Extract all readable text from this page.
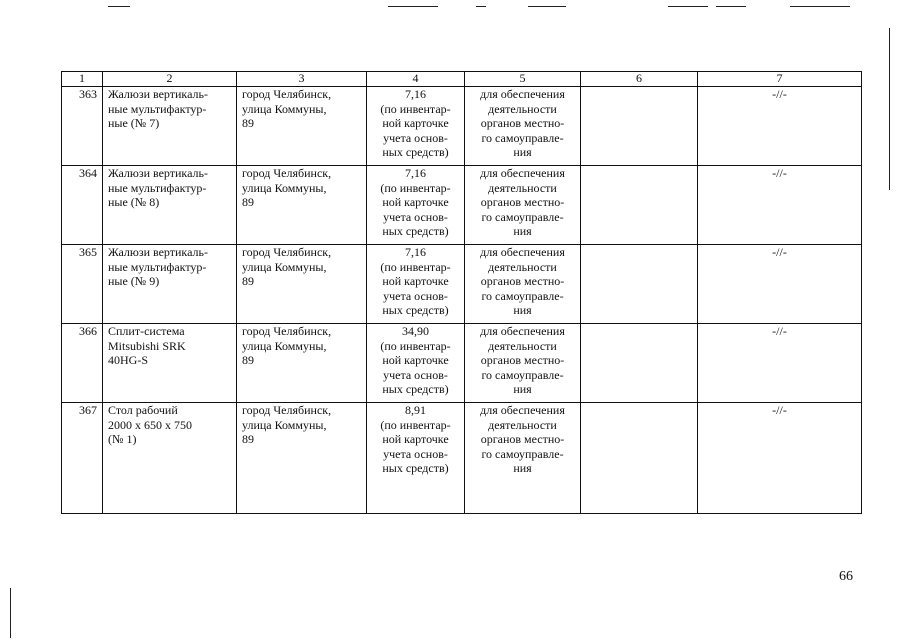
1	2	3	4	5	6	7
363	Жалюзи вертикаль-
ные мультифактур-
ные (№ 7)	город Челябинск,
улица Коммуны,
89	7,16
(по инвентар-
ной карточке
учета основ-
ных средств)	для обеспечения
деятельности
органов местно-
го самоуправле-
ния		-//-
364	Жалюзи вертикаль-
ные мультифактур-
ные (№ 8)	город Челябинск,
улица Коммуны,
89	7,16
(по инвентар-
ной карточке
учета основ-
ных средств)	для обеспечения
деятельности
органов местно-
го самоуправле-
ния		-//-
365	Жалюзи вертикаль-
ные мультифактур-
ные (№ 9)	город Челябинск,
улица Коммуны,
89	7,16
(по инвентар-
ной карточке
учета основ-
ных средств)	для обеспечения
деятельности
органов местно-
го самоуправле-
ния		-//-
366	Сплит-система
Mitsubishi SRK
40HG-S	город Челябинск,
улица Коммуны,
89	34,90
(по инвентар-
ной карточке
учета основ-
ных средств)	для обеспечения
деятельности
органов местно-
го самоуправле-
ния		-//-
367	Стол рабочий
2000 х 650 х 750
(№ 1)	город Челябинск,
улица Коммуны,
89	8,91
(по инвентар-
ной карточке
учета основ-
ных средств)	для обеспечения
деятельности
органов местно-
го самоуправле-
ния		-//-
66
